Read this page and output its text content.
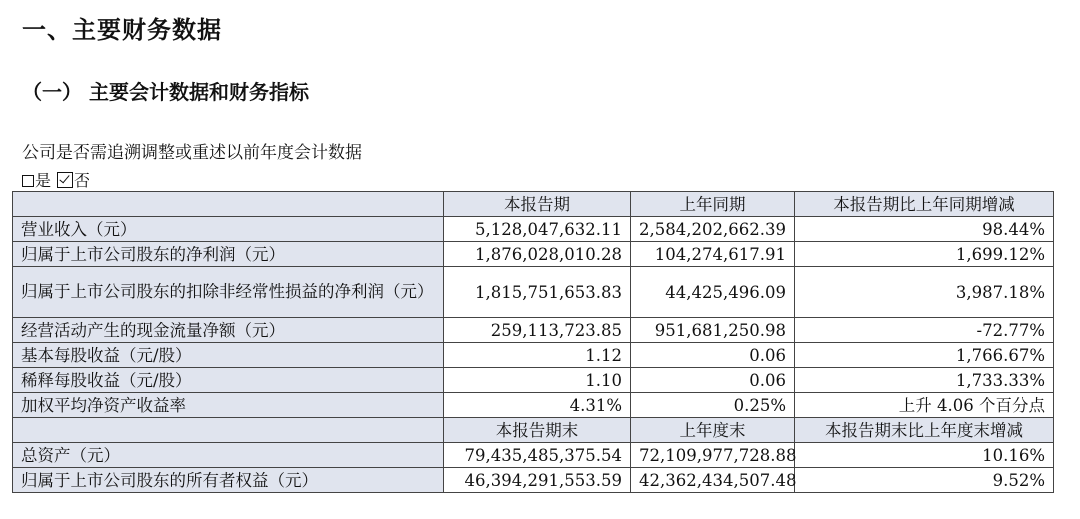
一、主要财务数据
（一） 主要会计数据和财务指标
公司是否需追溯调整或重述以前年度会计数据
是 否
	本报告期	上年同期	本报告期比上年同期增减
营业收入（元）	5,128,047,632.11	2,584,202,662.39	98.44%
归属于上市公司股东的净利润（元）	1,876,028,010.28	104,274,617.91	1,699.12%
归属于上市公司股东的扣除非经常性损益的净利润（元）	1,815,751,653.83	44,425,496.09	3,987.18%
经营活动产生的现金流量净额（元）	259,113,723.85	951,681,250.98	-72.77%
基本每股收益（元/股）	1.12	0.06	1,766.67%
稀释每股收益（元/股）	1.10	0.06	1,733.33%
加权平均净资产收益率	4.31%	0.25%	上升 4.06 个百分点
	本报告期末	上年度末	本报告期末比上年度末增减
总资产（元）	79,435,485,375.54	72,109,977,728.88	10.16%
归属于上市公司股东的所有者权益（元）	46,394,291,553.59	42,362,434,507.48	9.52%
